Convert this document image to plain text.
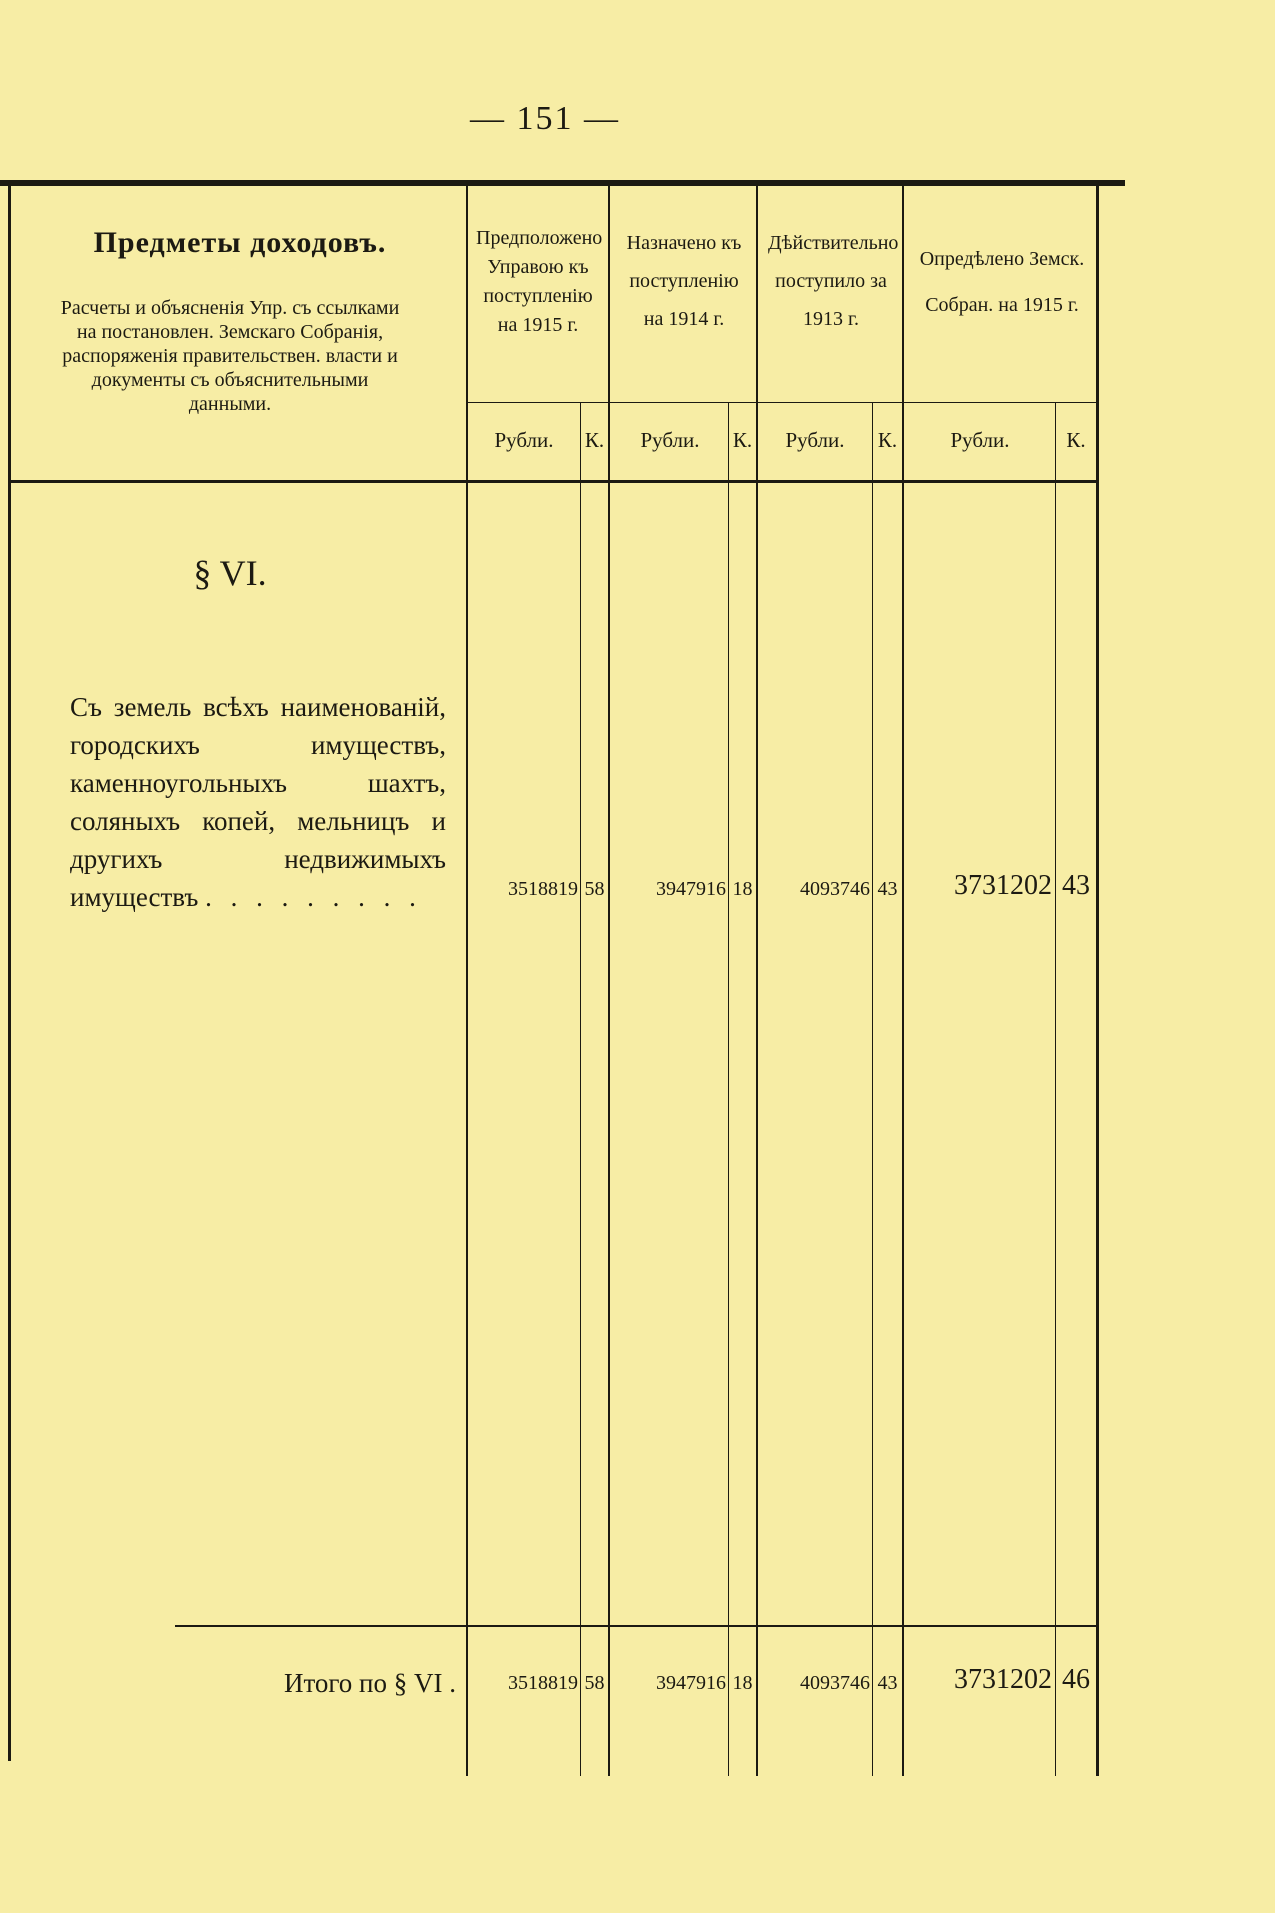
— 151 —
Предметы доходовъ.
Расчеты и объясненія Упр. съ ссылками на постановлен. Земскаго Собранія, распоряженія правительствен. власти и документы съ объяснительными данными.
Предположено Управою къ поступленію на 1915 г.
Назначено къ поступленію на 1914 г.
Дѣйствительно поступило за 1913 г.
Опредѣлено Земск. Собран. на 1915 г.
Рубли.	К.	Рубли.	К.	Рубли.	К.	Рубли.	К.
§ VI.
Съ земель всѣхъ наименованій, городскихъ имуществъ, каменноугольныхъ шахтъ, соляныхъ копей, мельницъ и другихъ недвижимыхъ имуществъ . . . . . . . . .	3518819 58	3947916 18	4093746 43	3731202 43
Итого по § VI .	3518819 58	3947916 18	4093746 43	3731202 46
